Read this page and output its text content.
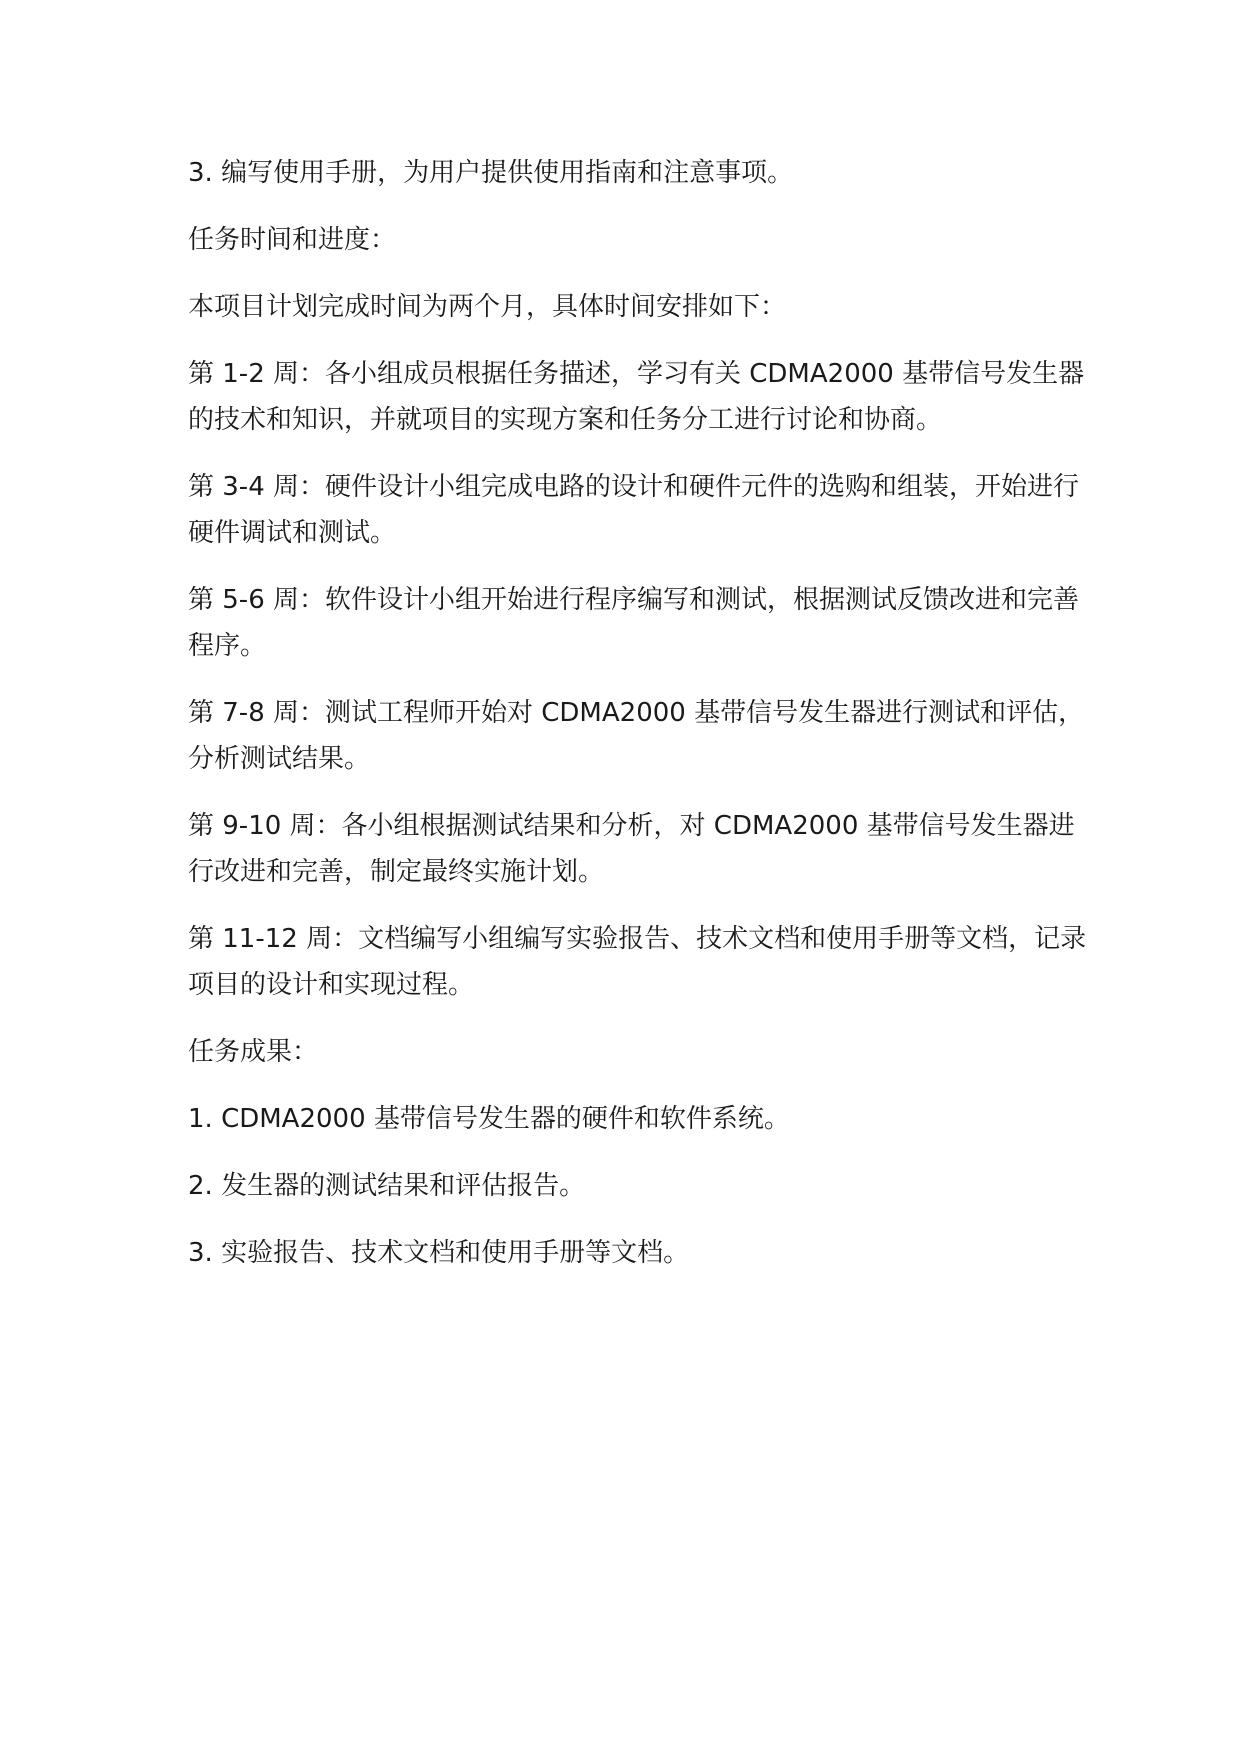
3. 编写使用手册，为用户提供使用指南和注意事项。

任务时间和进度：

本项目计划完成时间为两个月，具体时间安排如下：

第 1-2 周：各小组成员根据任务描述，学习有关 CDMA2000 基带信号发生器的技术和知识，并就项目的实现方案和任务分工进行讨论和协商。

第 3-4 周：硬件设计小组完成电路的设计和硬件元件的选购和组装，开始进行硬件调试和测试。

第 5-6 周：软件设计小组开始进行程序编写和测试，根据测试反馈改进和完善程序。

第 7-8 周：测试工程师开始对 CDMA2000 基带信号发生器进行测试和评估，分析测试结果。

第 9-10 周：各小组根据测试结果和分析，对 CDMA2000 基带信号发生器进行改进和完善，制定最终实施计划。

第 11-12 周：文档编写小组编写实验报告、技术文档和使用手册等文档，记录项目的设计和实现过程。

任务成果：

1. CDMA2000 基带信号发生器的硬件和软件系统。

2. 发生器的测试结果和评估报告。

3. 实验报告、技术文档和使用手册等文档。
